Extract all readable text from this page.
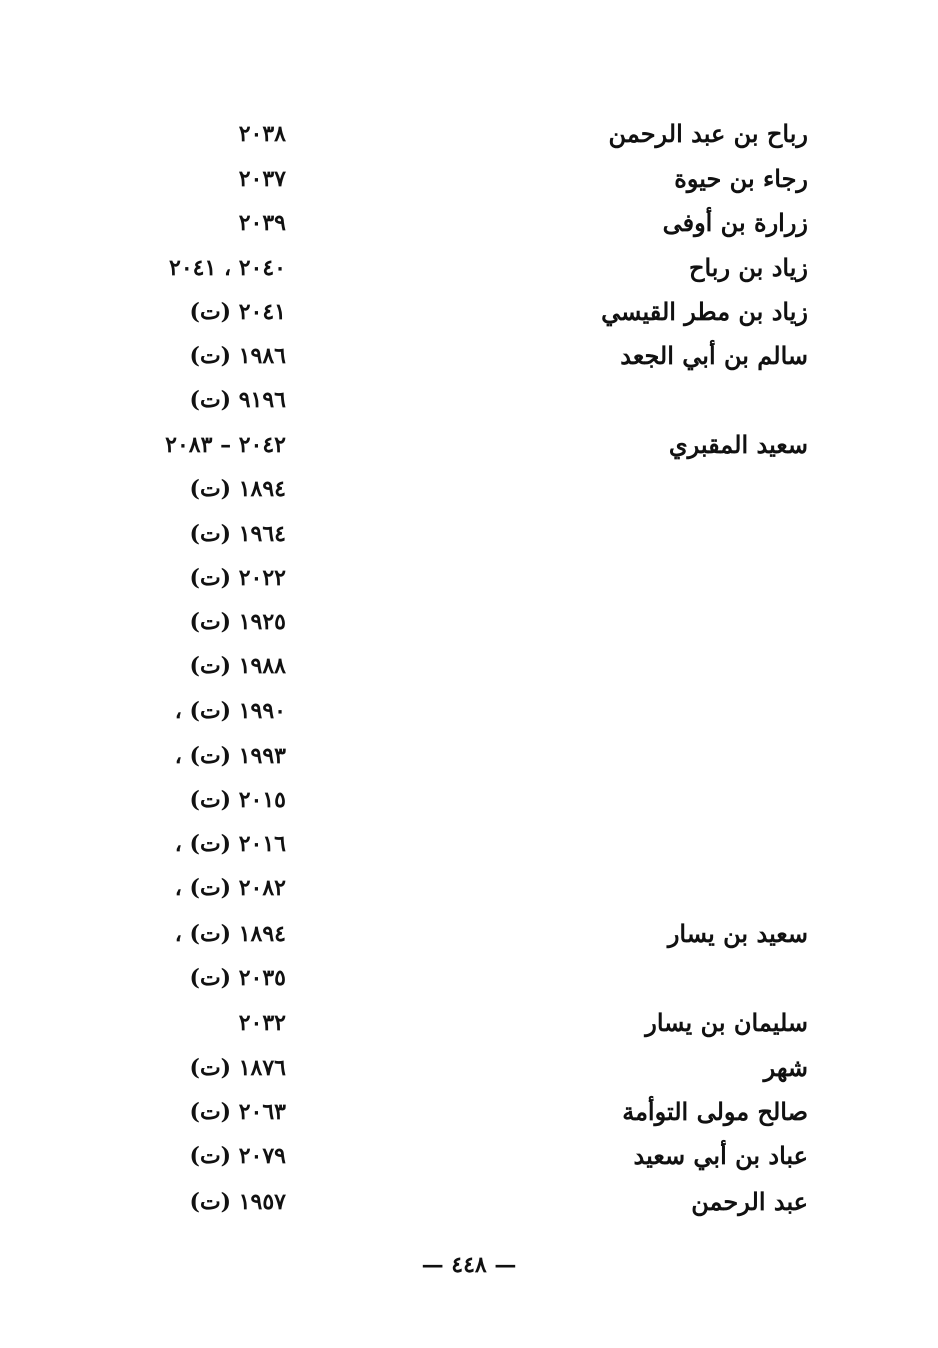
رباح بن عبد الرحمن
٢٠٣٨
رجاء بن حيوة
٢٠٣٧
زرارة بن أوفى
٢٠٣٩
زياد بن رباح
٢٠٤٠ ، ٢٠٤١
زياد بن مطر القيسي
٢٠٤١ (ت)
سالم بن أبي الجعد
١٩٨٦ (ت)
٩١٩٦ (ت)
سعيد المقبري
٢٠٤٢ – ٢٠٨٣
١٨٩٤ (ت)
١٩٦٤ (ت)
٢٠٢٢ (ت)
١٩٢٥ (ت)
١٩٨٨ (ت)
١٩٩٠ (ت) ،
١٩٩٣ (ت) ،
٢٠١٥ (ت)
٢٠١٦ (ت) ،
٢٠٨٢ (ت) ،
سعيد بن يسار
١٨٩٤ (ت) ،
٢٠٣٥ (ت)
سليمان بن يسار
٢٠٣٢
شهر
١٨٧٦ (ت)
صالح مولى التوأمة
٢٠٦٣ (ت)
عباد بن أبي سعيد
٢٠٧٩ (ت)
عبد الرحمن
١٩٥٧ (ت)
— ٤٤٨ —
